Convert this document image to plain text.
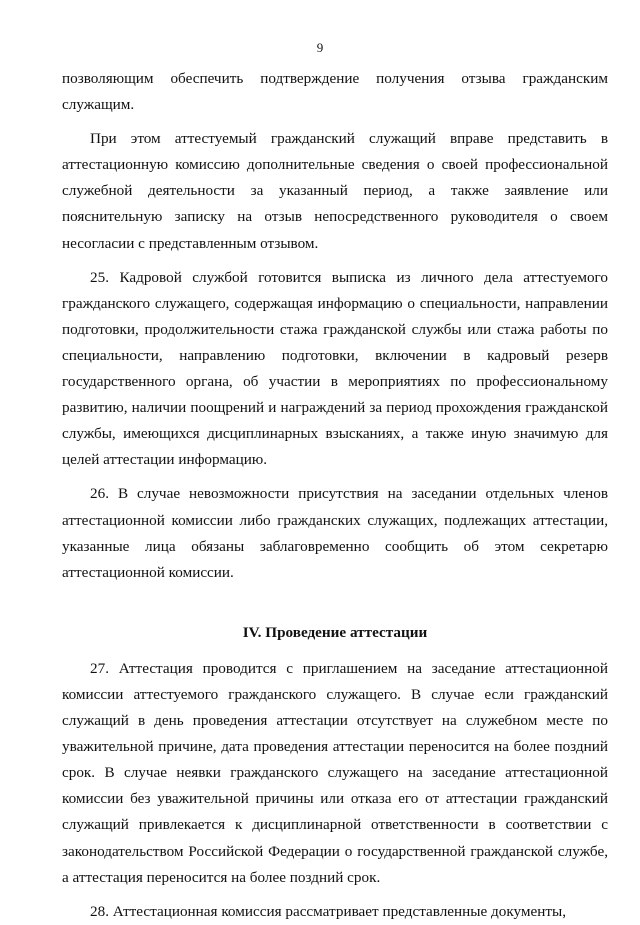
9

позволяющим обеспечить подтверждение получения отзыва гражданским служащим.

При этом аттестуемый гражданский служащий вправе представить в аттестационную комиссию дополнительные сведения о своей профессиональной служебной деятельности за указанный период, а также заявление или пояснительную записку на отзыв непосредственного руководителя о своем несогласии с представленным отзывом.

25. Кадровой службой готовится выписка из личного дела аттестуемого гражданского служащего, содержащая информацию о специальности, направлении подготовки, продолжительности стажа гражданской службы или стажа работы по специальности, направлению подготовки, включении в кадровый резерв государственного органа, об участии в мероприятиях по профессиональному развитию, наличии поощрений и награждений за период прохождения гражданской службы, имеющихся дисциплинарных взысканиях, а также иную значимую для целей аттестации информацию.

26. В случае невозможности присутствия на заседании отдельных членов аттестационной комиссии либо гражданских служащих, подлежащих аттестации, указанные лица обязаны заблаговременно сообщить об этом секретарю аттестационной комиссии.

IV. Проведение аттестации

27. Аттестация проводится с приглашением на заседание аттестационной комиссии аттестуемого гражданского служащего. В случае если гражданский служащий в день проведения аттестации отсутствует на служебном месте по уважительной причине, дата проведения аттестации переносится на более поздний срок. В случае неявки гражданского служащего на заседание аттестационной комиссии без уважительной причины или отказа его от аттестации гражданский служащий привлекается к дисциплинарной ответственности в соответствии с законодательством Российской Федерации о государственной гражданской службе, а аттестация переносится на более поздний срок.

28. Аттестационная комиссия рассматривает представленные документы,
